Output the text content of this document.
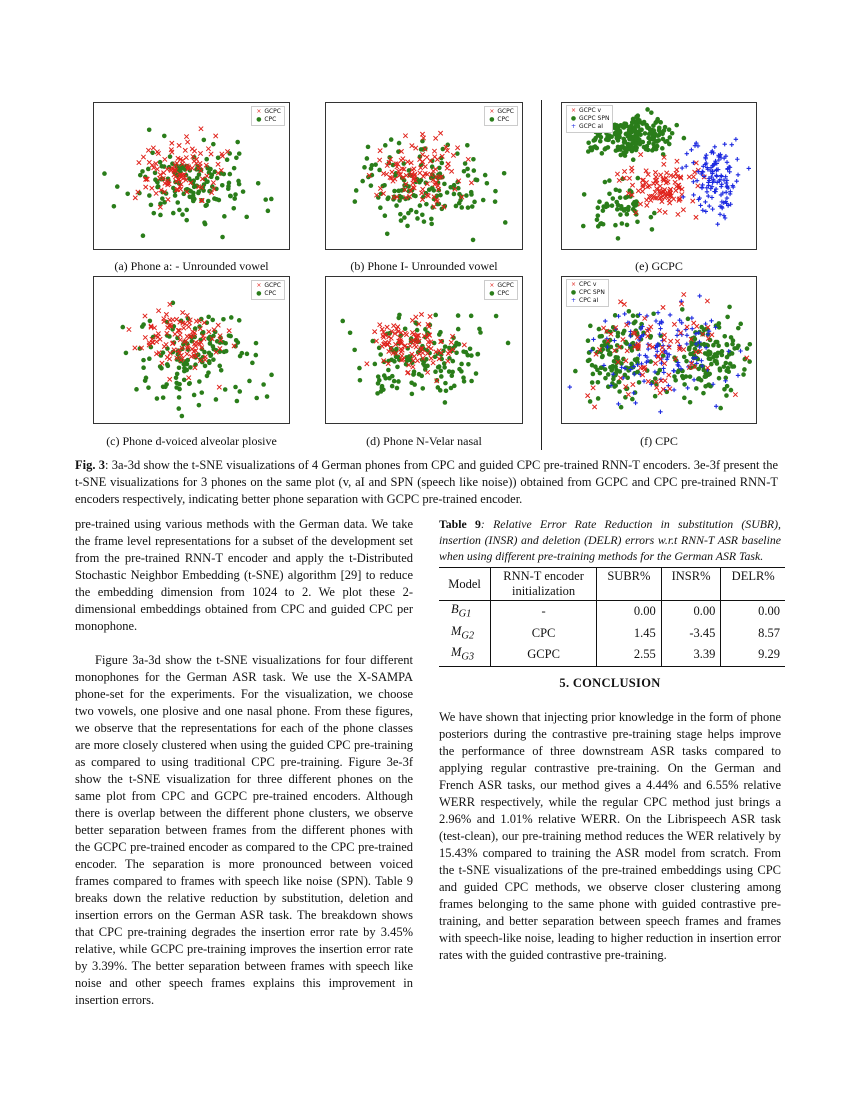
× GCPC
● CPC
(a) Phone a: - Unrounded vowel
× GCPC
● CPC
(b) Phone I- Unrounded vowel
× GCPC v
● GCPC SPN
+ GCPC aI
(e) GCPC
× GCPC
● CPC
(c) Phone d-voiced alveolar plosive
× GCPC
● CPC
(d) Phone N-Velar nasal
× CPC v
● CPC SPN
+ CPC aI
(f) CPC
Fig. 3: 3a-3d show the t-SNE visualizations of 4 German phones from CPC and guided CPC pre-trained RNN-T encoders. 3e-3f present the t-SNE visualizations for 3 phones on the same plot (v, aI and SPN (speech like noise)) obtained from GCPC and CPC pre-trained RNN-T encoders respectively, indicating better phone separation with GCPC pre-trained encoder.

pre-trained using various methods with the German data. We take the frame level representations for a subset of the development set from the pre-trained RNN-T encoder and apply the t-Distributed Stochastic Neighbor Embedding (t-SNE) algorithm [29] to reduce the embedding dimension from 1024 to 2. We plot these 2-dimensional embeddings obtained from CPC and guided CPC per monophone.

Figure 3a-3d show the t-SNE visualizations for four different monophones for the German ASR task. We use the X-SAMPA phone-set for the experiments. For the visualization, we choose two vowels, one plosive and one nasal phone. From these figures, we observe that the representations for each of the phone classes are more closely clustered when using the guided CPC pre-training as compared to using traditional CPC pre-training. Figure 3e-3f show the t-SNE visualization for three different phones on the same plot from CPC and GCPC pre-trained encoders. Although there is overlap between the different phone clusters, we observe better separation between frames from the different phones with the GCPC pre-trained encoder as compared to the CPC pre-trained encoder. The separation is more pronounced between voiced frames compared to frames with speech like noise (SPN). Table 9 breaks down the relative reduction by substitution, deletion and insertion errors on the German ASR task. The breakdown shows that CPC pre-training degrades the insertion error rate by 3.45% relative, while GCPC pre-training improves the insertion error rate by 3.39%. The better separation between frames with speech like noise and other speech frames explains this improvement in insertion errors.

Table 9: Relative Error Rate Reduction in substitution (SUBR), insertion (INSR) and deletion (DELR) errors w.r.t RNN-T ASR baseline when using different pre-training methods for the German ASR Task.
Model	RNN-T encoder initialization	SUBR%	INSR%	DELR%
$B_{G1}$	-	0.00	0.00	0.00
$M_{G2}$	CPC	1.45	-3.45	8.57
$M_{G3}$	GCPC	2.55	3.39	9.29
5. CONCLUSION
We have shown that injecting prior knowledge in the form of phone posteriors during the contrastive pre-training stage helps improve the performance of three downstream ASR tasks compared to applying regular contrastive pre-training. On the German and French ASR tasks, our method gives a 4.44% and 6.55% relative WERR respectively, while the regular CPC method just brings a 2.96% and 1.01% relative WERR. On the Librispeech ASR task (test-clean), our pre-training method reduces the WER relatively by 15.43% compared to training the ASR model from scratch. From the t-SNE visualizations of the pre-trained embeddings using CPC and guided CPC methods, we observe closer clustering among frames belonging to the same phone with guided contrastive pre-training, and better separation between speech frames and frames with speech-like noise, leading to higher reduction in insertion error rates with the guided contrastive pre-training.
